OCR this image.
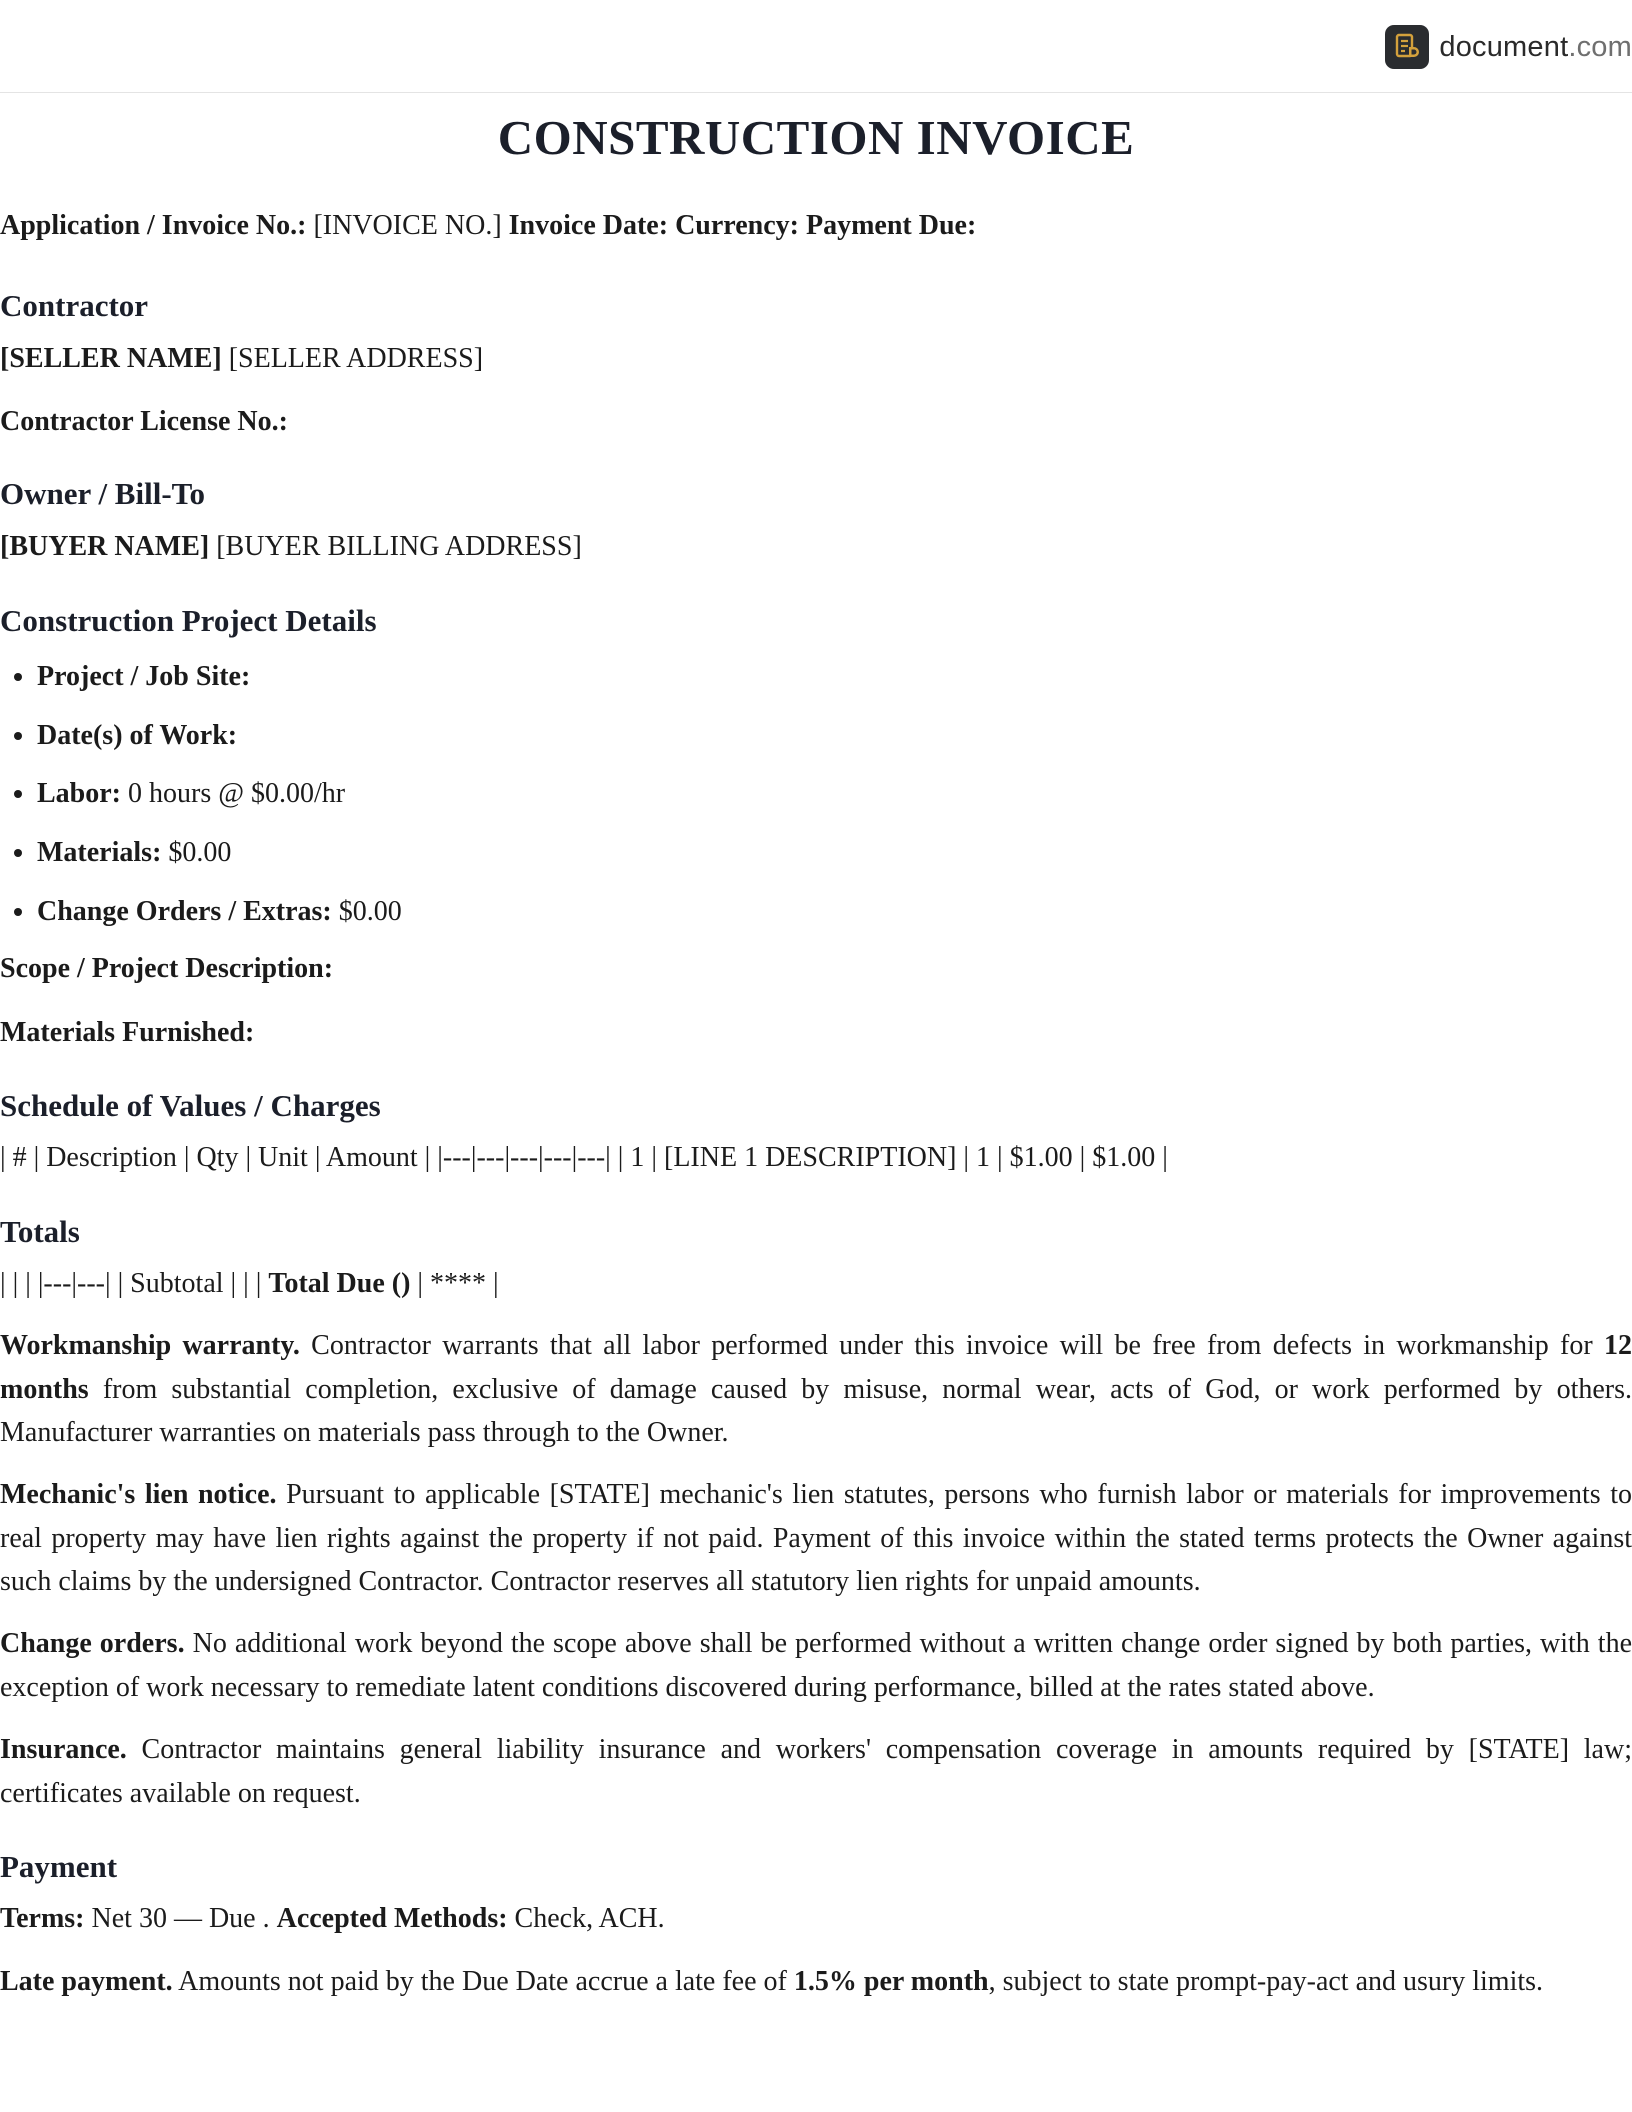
document.com
CONSTRUCTION INVOICE

Application / Invoice No.: [INVOICE NO.] Invoice Date: Currency: Payment Due:

Contractor

[SELLER NAME] [SELLER ADDRESS]

Contractor License No.:

Owner / Bill-To

[BUYER NAME] [BUYER BILLING ADDRESS]

Construction Project Details
• Project / Job Site:
• Date(s) of Work:
• Labor: 0 hours @ $0.00/hr
• Materials: $0.00
• Change Orders / Extras: $0.00

Scope / Project Description:

Materials Furnished:

Schedule of Values / Charges

| # | Description | Qty | Unit | Amount | |---|---|---|---|---| | 1 | [LINE 1 DESCRIPTION] | 1 | $1.00 | $1.00 |

Totals

| | | |---|---| | Subtotal | | | Total Due () | **** |

Workmanship warranty. Contractor warrants that all labor performed under this invoice will be free from defects in workmanship for 12 months from substantial completion, exclusive of damage caused by misuse, normal wear, acts of God, or work performed by others. Manufacturer warranties on materials pass through to the Owner.

Mechanic's lien notice. Pursuant to applicable [STATE] mechanic's lien statutes, persons who furnish labor or materials for improvements to real property may have lien rights against the property if not paid. Payment of this invoice within the stated terms protects the Owner against such claims by the undersigned Contractor. Contractor reserves all statutory lien rights for unpaid amounts.

Change orders. No additional work beyond the scope above shall be performed without a written change order signed by both parties, with the exception of work necessary to remediate latent conditions discovered during performance, billed at the rates stated above.

Insurance. Contractor maintains general liability insurance and workers' compensation coverage in amounts required by [STATE] law; certificates available on request.

Payment

Terms: Net 30 — Due . Accepted Methods: Check, ACH.

Late payment. Amounts not paid by the Due Date accrue a late fee of 1.5% per month, subject to state prompt-pay-act and usury limits.
